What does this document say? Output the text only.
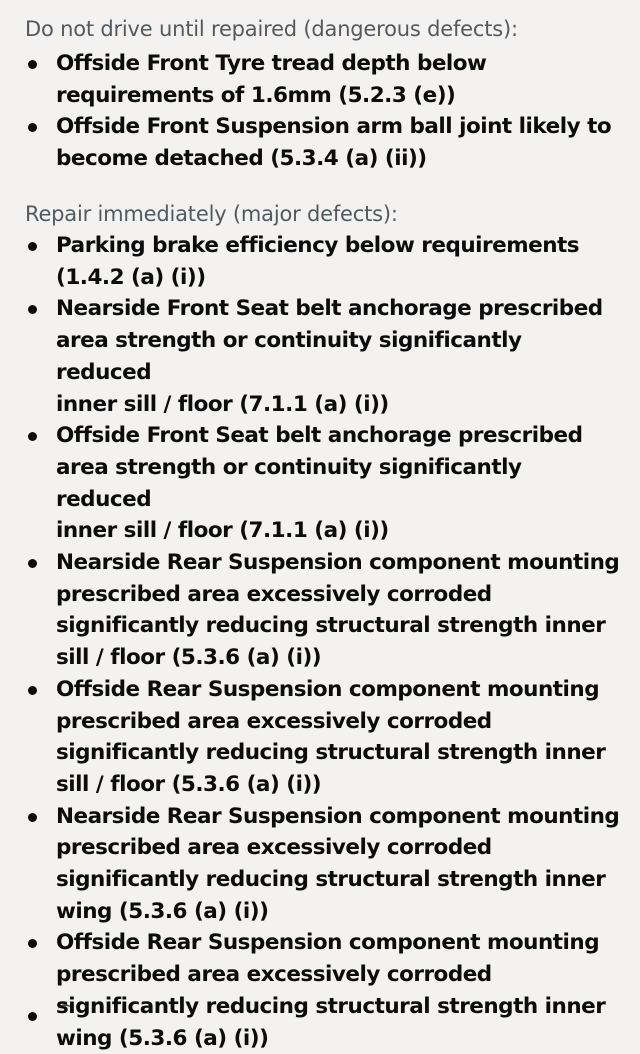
Do not drive until repaired (dangerous defects):
Offside Front Tyre tread depth below
requirements of 1.6mm (5.2.3 (e))
Offside Front Suspension arm ball joint likely to
become detached (5.3.4 (a) (ii))
Repair immediately (major defects):
Parking brake efficiency below requirements
(1.4.2 (a) (i))
Nearside Front Seat belt anchorage prescribed
area strength or continuity significantly reduced
inner sill / floor (7.1.1 (a) (i))
Offside Front Seat belt anchorage prescribed
area strength or continuity significantly reduced
inner sill / floor (7.1.1 (a) (i))
Nearside Rear Suspension component mounting
prescribed area excessively corroded
significantly reducing structural strength inner
sill / floor (5.3.6 (a) (i))
Offside Rear Suspension component mounting
prescribed area excessively corroded
significantly reducing structural strength inner
sill / floor (5.3.6 (a) (i))
Nearside Rear Suspension component mounting
prescribed area excessively corroded
significantly reducing structural strength inner
wing (5.3.6 (a) (i))
Offside Rear Suspension component mounting
prescribed area excessively corroded
significantly reducing structural strength inner
wing (5.3.6 (a) (i))
